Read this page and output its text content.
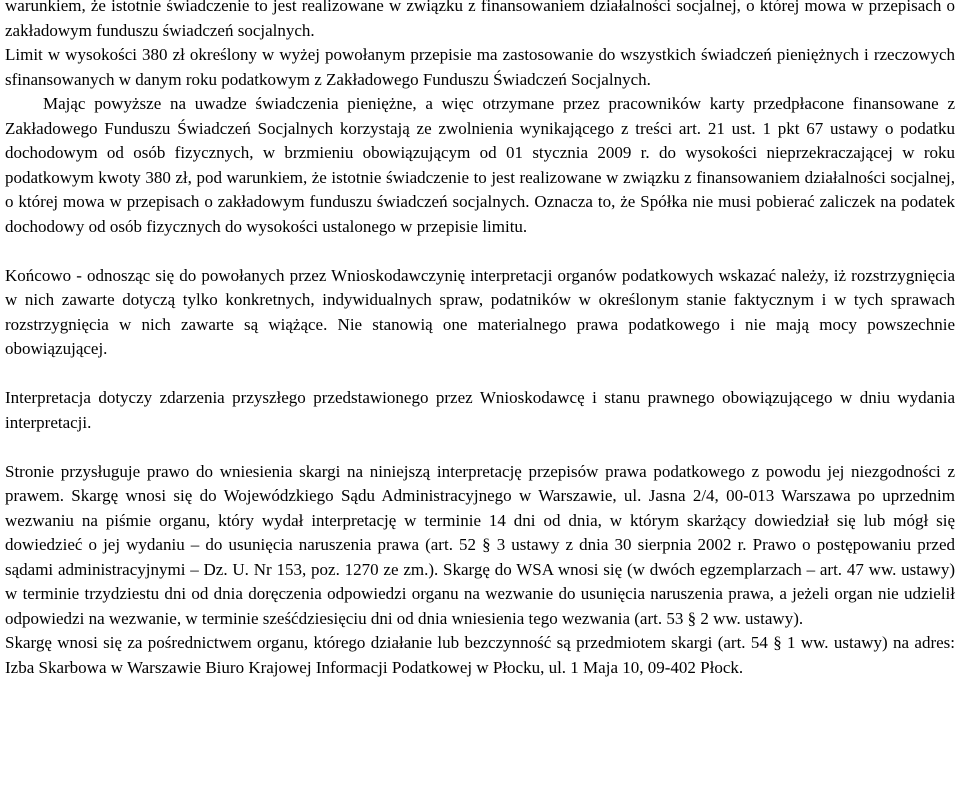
warunkiem, że istotnie świadczenie to jest realizowane w związku z finansowaniem działalności socjalnej, o której mowa w przepisach o zakładowym funduszu świadczeń socjalnych.

Limit w wysokości 380 zł określony w wyżej powołanym przepisie ma zastosowanie do wszystkich świadczeń pieniężnych i rzeczowych sfinansowanych w danym roku podatkowym z Zakładowego Funduszu Świadczeń Socjalnych.

Mając powyższe na uwadze świadczenia pieniężne, a więc otrzymane przez pracowników karty przedpłacone finansowane z Zakładowego Funduszu Świadczeń Socjalnych korzystają ze zwolnienia wynikającego z treści art. 21 ust. 1 pkt 67 ustawy o podatku dochodowym od osób fizycznych, w brzmieniu obowiązującym od 01 stycznia 2009 r. do wysokości nieprzekraczającej w roku podatkowym kwoty 380 zł, pod warunkiem, że istotnie świadczenie to jest realizowane w związku z finansowaniem działalności socjalnej, o której mowa w przepisach o zakładowym funduszu świadczeń socjalnych. Oznacza to, że Spółka nie musi pobierać zaliczek na podatek dochodowy od osób fizycznych do wysokości ustalonego w przepisie limitu.

Końcowo - odnosząc się do powołanych przez Wnioskodawczynię interpretacji organów podatkowych wskazać należy, iż rozstrzygnięcia w nich zawarte dotyczą tylko konkretnych, indywidualnych spraw, podatników w określonym stanie faktycznym i w tych sprawach rozstrzygnięcia w nich zawarte są wiążące. Nie stanowią one materialnego prawa podatkowego i nie mają mocy powszechnie obowiązującej.

Interpretacja dotyczy zdarzenia przyszłego przedstawionego przez Wnioskodawcę i stanu prawnego obowiązującego w dniu wydania interpretacji.

Stronie przysługuje prawo do wniesienia skargi na niniejszą interpretację przepisów prawa podatkowego z powodu jej niezgodności z prawem. Skargę wnosi się do Wojewódzkiego Sądu Administracyjnego w Warszawie, ul. Jasna 2/4, 00-013 Warszawa po uprzednim wezwaniu na piśmie organu, który wydał interpretację w terminie 14 dni od dnia, w którym skarżący dowiedział się lub mógł się dowiedzieć o jej wydaniu – do usunięcia naruszenia prawa (art. 52 § 3 ustawy z dnia 30 sierpnia 2002 r. Prawo o postępowaniu przed sądami administracyjnymi – Dz. U. Nr 153, poz. 1270 ze zm.). Skargę do WSA wnosi się (w dwóch egzemplarzach – art. 47 ww. ustawy) w terminie trzydziestu dni od dnia doręczenia odpowiedzi organu na wezwanie do usunięcia naruszenia prawa, a jeżeli organ nie udzielił odpowiedzi na wezwanie, w terminie sześćdziesięciu dni od dnia wniesienia tego wezwania (art. 53 § 2 ww. ustawy).

Skargę wnosi się za pośrednictwem organu, którego działanie lub bezczynność są przedmiotem skargi (art. 54 § 1 ww. ustawy) na adres: Izba Skarbowa w Warszawie Biuro Krajowej Informacji Podatkowej w Płocku, ul. 1 Maja 10, 09-402 Płock.
